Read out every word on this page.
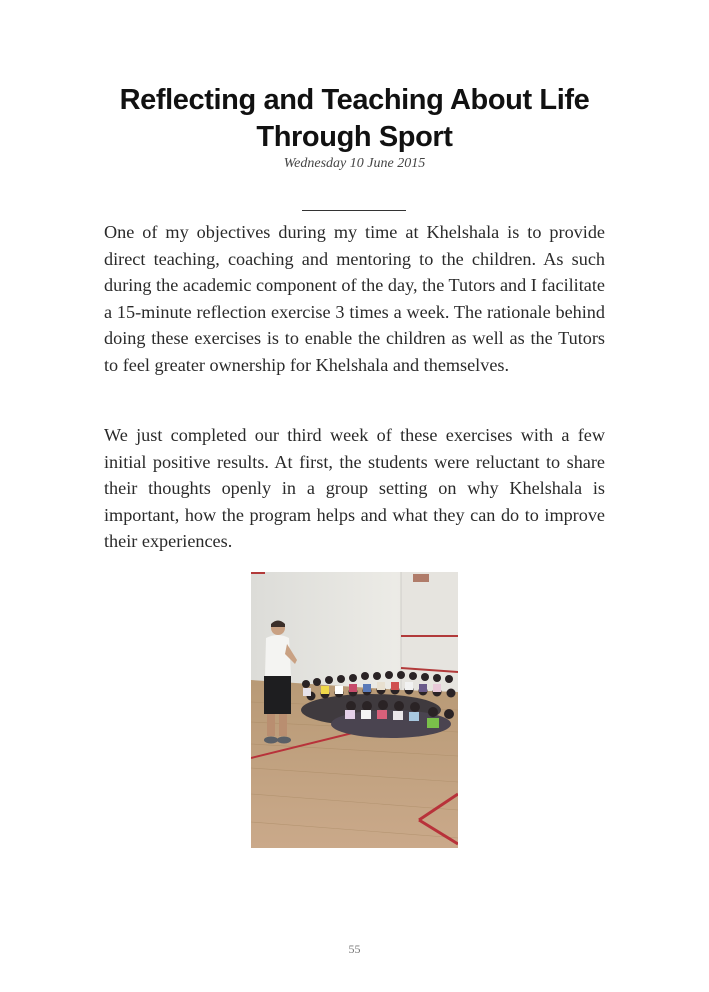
Reflecting and Teaching About Life Through Sport
Wednesday 10 June 2015

One of my objectives during my time at Khelshala is to provide direct teaching, coaching and mentoring to the children. As such during the academic component of the day, the Tutors and I facilitate a 15-minute reflection exercise 3 times a week. The rationale behind doing these exercises is to enable the children as well as the Tutors to feel greater ownership for Khelshala and themselves.

We just completed our third week of these exercises with a few initial positive results. At first, the students were reluctant to share their thoughts openly in a group setting on why Khelshala is important, how the program helps and what they can do to improve their experiences.

55
